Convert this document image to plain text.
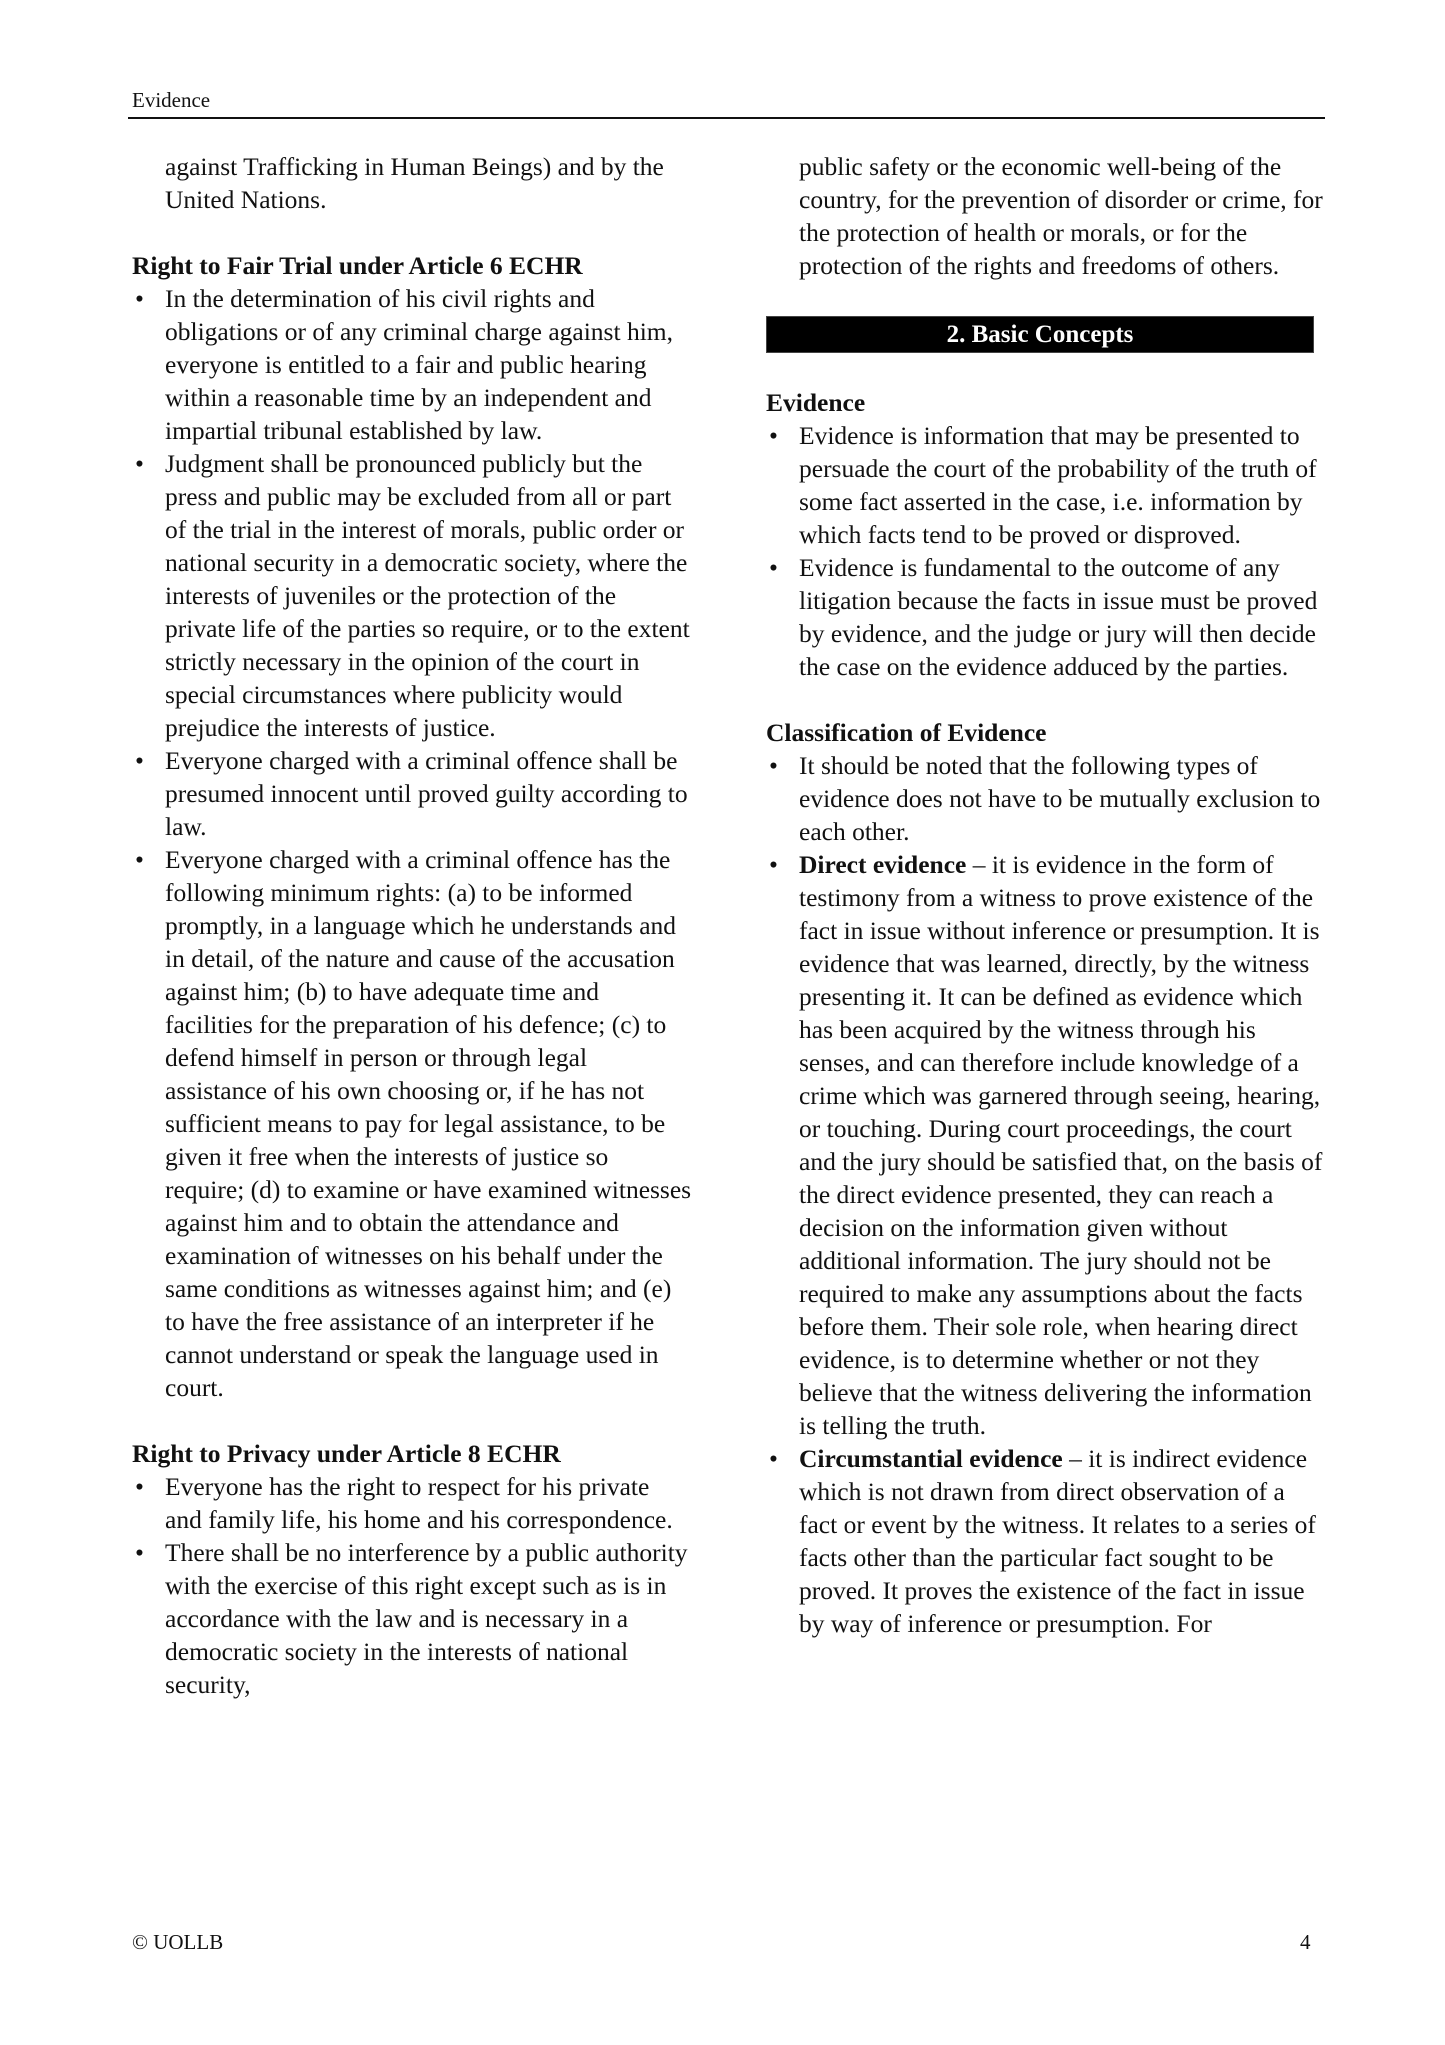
Evidence

against Trafficking in Human Beings) and by the United Nations.

Right to Fair Trial under Article 6 ECHR
• In the determination of his civil rights and obligations or of any criminal charge against him, everyone is entitled to a fair and public hearing within a reasonable time by an independent and impartial tribunal established by law.
• Judgment shall be pronounced publicly but the press and public may be excluded from all or part of the trial in the interest of morals, public order or national security in a democratic society, where the interests of juveniles or the protection of the private life of the parties so require, or to the extent strictly necessary in the opinion of the court in special circumstances where publicity would prejudice the interests of justice.
• Everyone charged with a criminal offence shall be presumed innocent until proved guilty according to law.
• Everyone charged with a criminal offence has the following minimum rights: (a) to be informed promptly, in a language which he understands and in detail, of the nature and cause of the accusation against him; (b) to have adequate time and facilities for the preparation of his defence; (c) to defend himself in person or through legal assistance of his own choosing or, if he has not sufficient means to pay for legal assistance, to be given it free when the interests of justice so require; (d) to examine or have examined witnesses against him and to obtain the attendance and examination of witnesses on his behalf under the same conditions as witnesses against him; and (e) to have the free assistance of an interpreter if he cannot understand or speak the language used in court.
Right to Privacy under Article 8 ECHR
• Everyone has the right to respect for his private and family life, his home and his correspondence.
• There shall be no interference by a public authority with the exercise of this right except such as is in accordance with the law and is necessary in a democratic society in the interests of national security,

public safety or the economic well-being of the country, for the prevention of disorder or crime, for the protection of health or morals, or for the protection of the rights and freedoms of others.

2. Basic Concepts
Evidence
• Evidence is information that may be presented to persuade the court of the probability of the truth of some fact asserted in the case, i.e. information by which facts tend to be proved or disproved.
• Evidence is fundamental to the outcome of any litigation because the facts in issue must be proved by evidence, and the judge or jury will then decide the case on the evidence adduced by the parties.
Classification of Evidence
• It should be noted that the following types of evidence does not have to be mutually exclusion to each other.
• Direct evidence – it is evidence in the form of testimony from a witness to prove existence of the fact in issue without inference or presumption. It is evidence that was learned, directly, by the witness presenting it. It can be defined as evidence which has been acquired by the witness through his senses, and can therefore include knowledge of a crime which was garnered through seeing, hearing, or touching. During court proceedings, the court and the jury should be satisfied that, on the basis of the direct evidence presented, they can reach a decision on the information given without additional information. The jury should not be required to make any assumptions about the facts before them. Their sole role, when hearing direct evidence, is to determine whether or not they believe that the witness delivering the information is telling the truth.
• Circumstantial evidence – it is indirect evidence which is not drawn from direct observation of a fact or event by the witness. It relates to a series of facts other than the particular fact sought to be proved. It proves the existence of the fact in issue by way of inference or presumption. For
© UOLLB	4
